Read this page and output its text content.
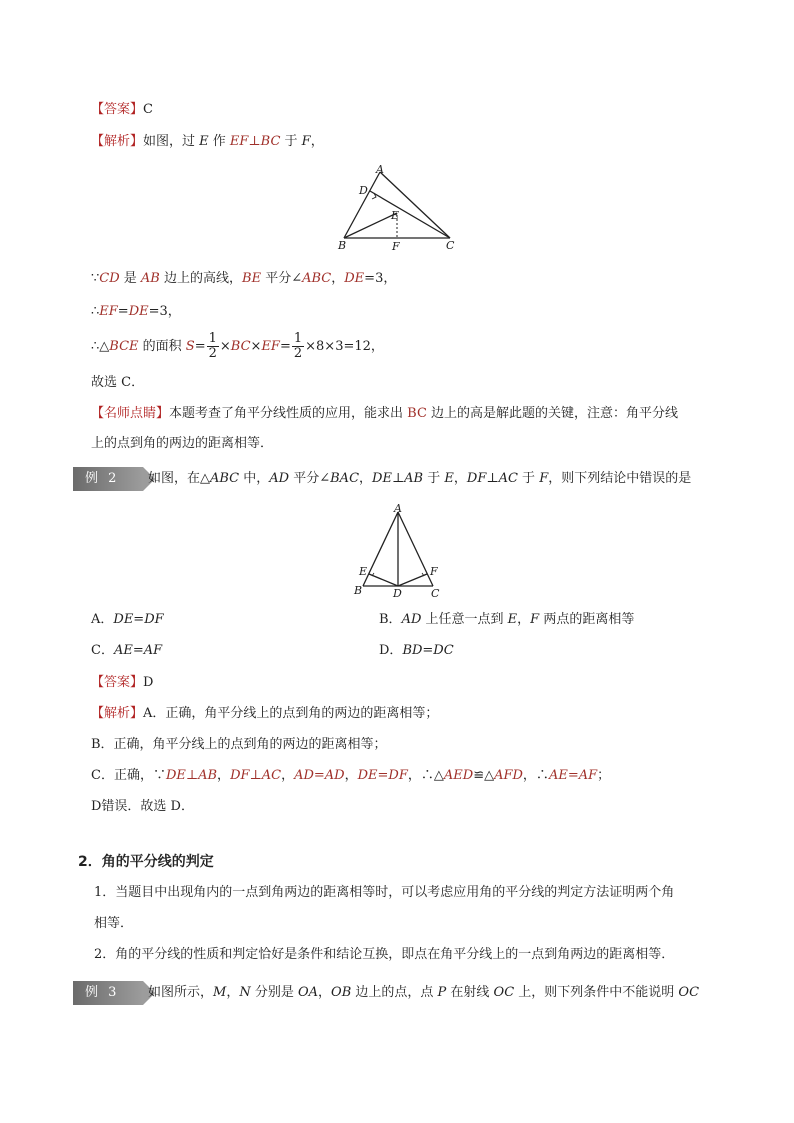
【答案】C
【解析】如图，过 E 作 EF⊥BC 于 F，
A
D
E
B	F	C
∵CD 是 AB 边上的高线，BE 平分∠ABC，DE=3，
∴EF=DE=3，
∴△BCE 的面积 $S= \frac{1}{2} \times BC\times EF= \frac{1}{2} \times 8\times 3=12$，
故选 C．
【名师点睛】本题考查了角平分线性质的应用，能求出 BC 边上的高是解此题的关键，注意：角平分线
上的点到角的两边的距离相等．
例 2	如图，在△ABC 中，AD 平分∠BAC，DE⊥AB 于 E，DF⊥AC 于 F，则下列结论中错误的是
A
E	F
B	D	C
A．DE=DF	B．AD 上任意一点到 E，F 两点的距离相等
C．AE=AF	D．BD=DC
【答案】D
【解析】A．正确，角平分线上的点到角的两边的距离相等；
B．正确，角平分线上的点到角的两边的距离相等；
C．正确，∵DE⊥AB，DF⊥AC，AD=AD，DE=DF，∴△AED≌△AFD，∴AE=AF；
D错误．故选 D．
2．角的平分线的判定
1．当题目中出现角内的一点到角两边的距离相等时，可以考虑应用角的平分线的判定方法证明两个角
相等．
2．角的平分线的性质和判定恰好是条件和结论互换，即点在角平分线上的一点到角两边的距离相等．
例 3	如图所示，M，N 分别是 OA，OB 边上的点，点 P 在射线 OC 上，则下列条件中不能说明 OC
